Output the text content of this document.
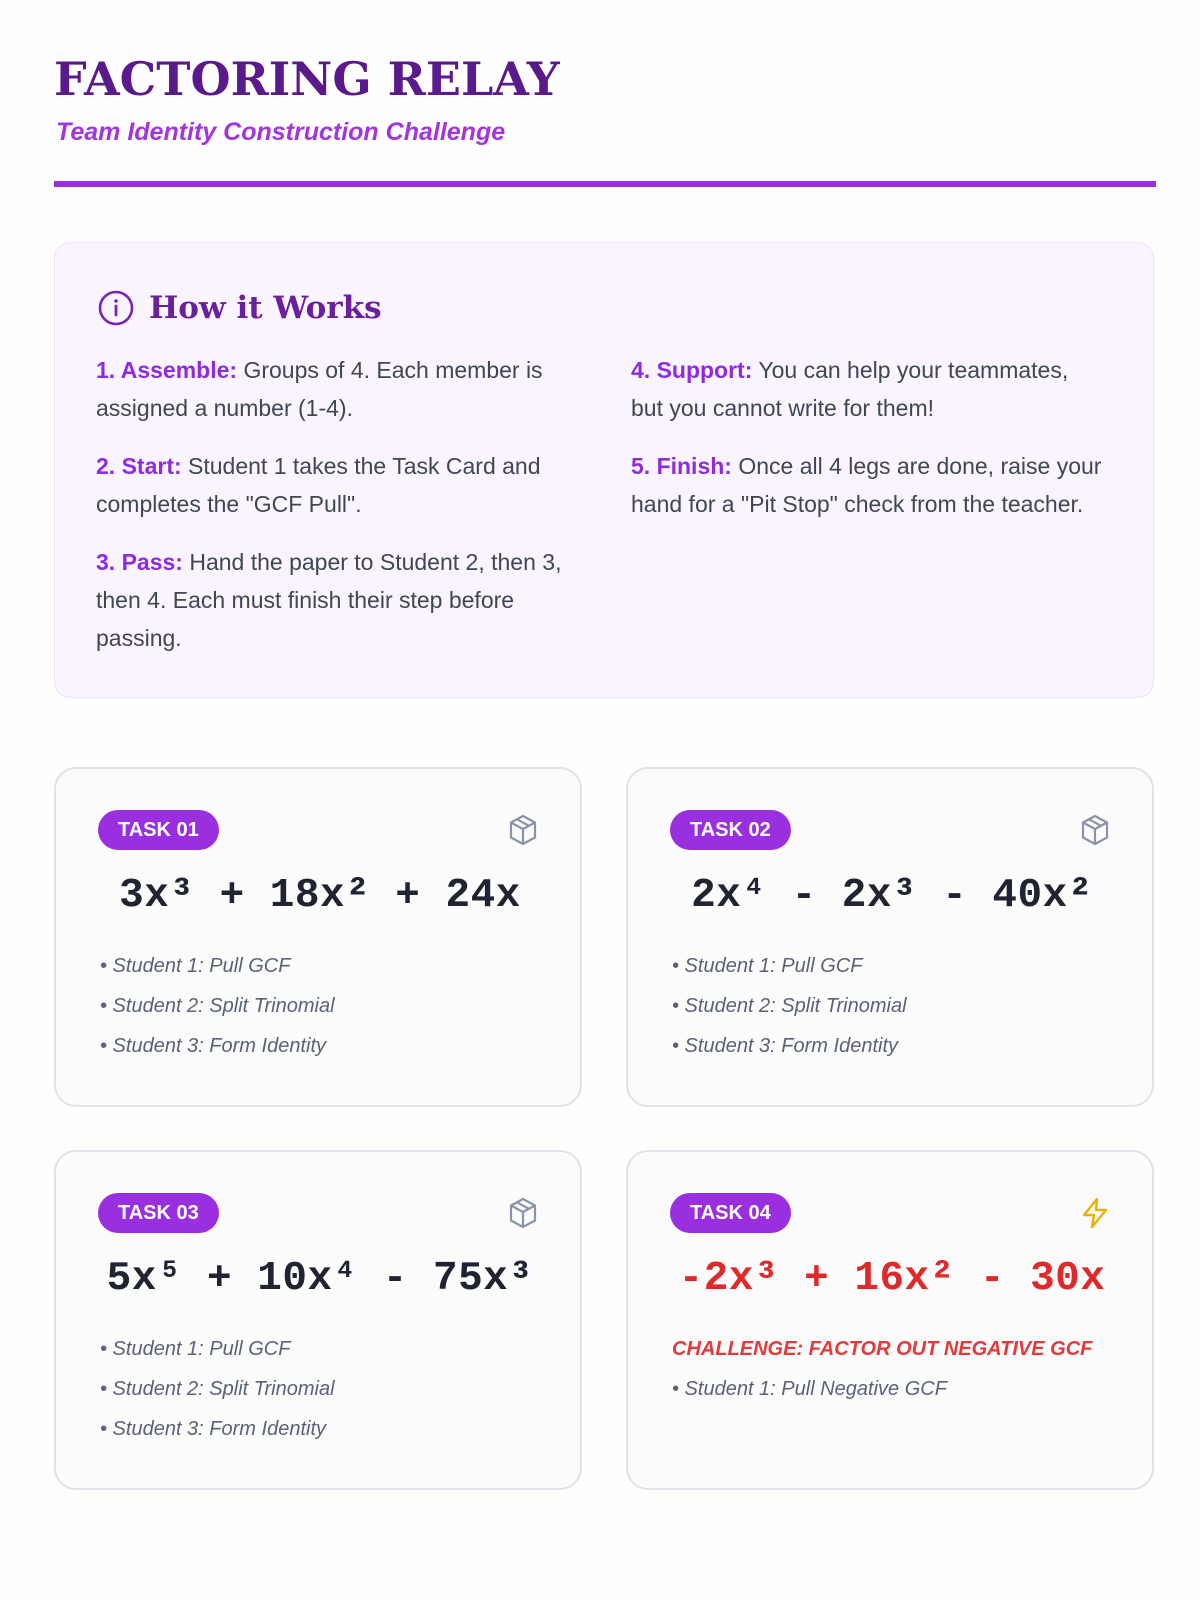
FACTORING RELAY
Team Identity Construction Challenge
How it Works

1. Assemble: Groups of 4. Each member is assigned a number (1-4).

2. Start: Student 1 takes the Task Card and completes the "GCF Pull".

3. Pass: Hand the paper to Student 2, then 3, then 4. Each must finish their step before passing.

4. Support: You can help your teammates, but you cannot write for them!

5. Finish: Once all 4 legs are done, raise your hand for a "Pit Stop" check from the teacher.

TASK 01
3x³ + 18x² + 24x
• Student 1: Pull GCF
• Student 2: Split Trinomial
• Student 3: Form Identity
TASK 02
2x⁴ - 2x³ - 40x²
• Student 1: Pull GCF
• Student 2: Split Trinomial
• Student 3: Form Identity
TASK 03
5x⁵ + 10x⁴ - 75x³
• Student 1: Pull GCF
• Student 2: Split Trinomial
• Student 3: Form Identity
TASK 04
-2x³ + 16x² - 30x
CHALLENGE: FACTOR OUT NEGATIVE GCF
• Student 1: Pull Negative GCF
